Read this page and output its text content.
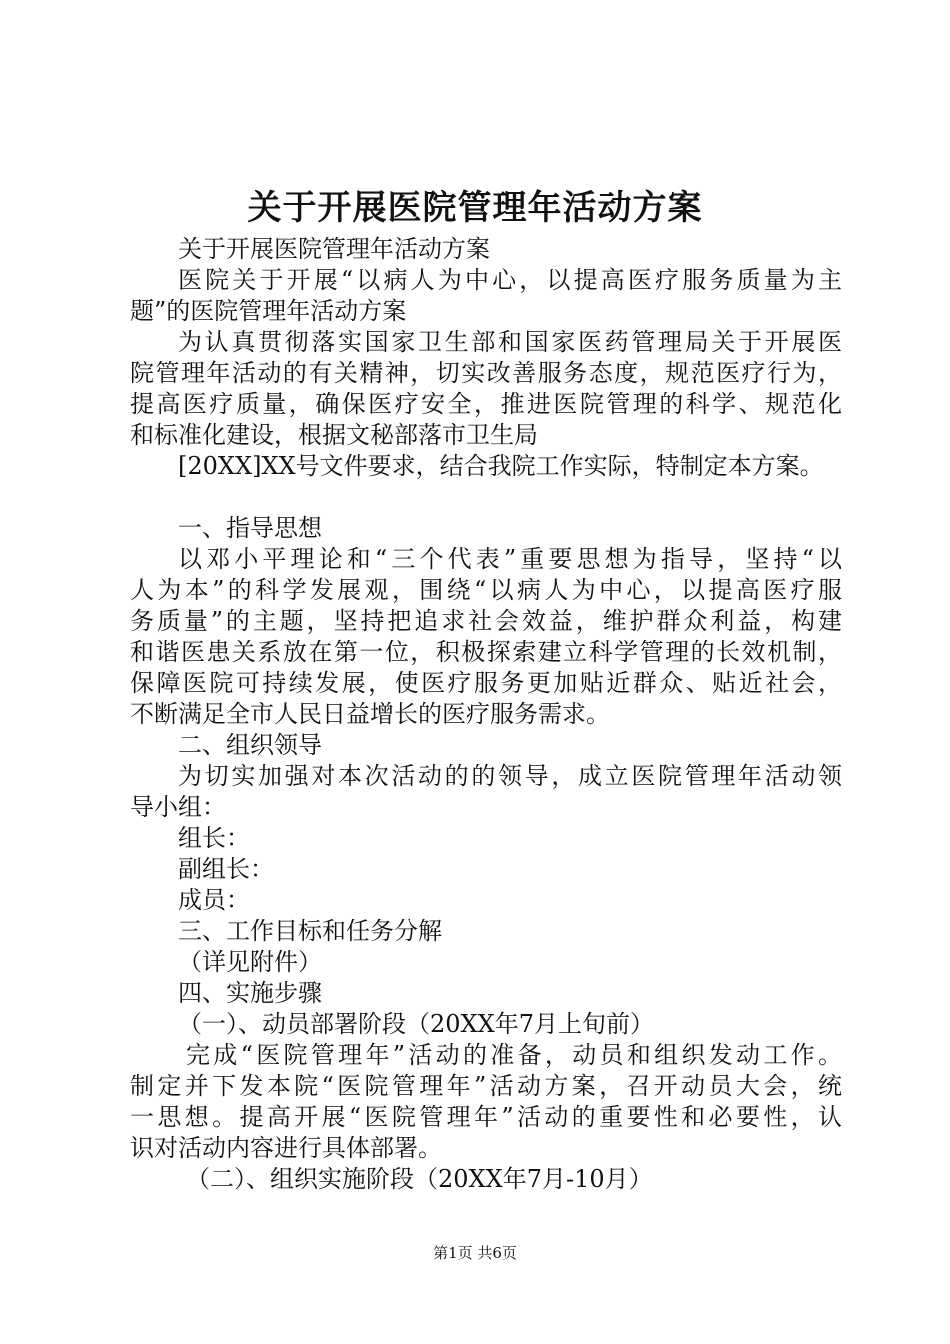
关于开展医院管理年活动方案
关于开展医院管理年活动方案
医院关于开展“以病人为中心，以提高医疗服务质量为主
题”的医院管理年活动方案
为认真贯彻落实国家卫生部和国家医药管理局关于开展医
院管理年活动的有关精神，切实改善服务态度，规范医疗行为，
提高医疗质量，确保医疗安全，推进医院管理的科学、规范化
和标准化建设，根据文秘部落市卫生局
[20XX]XX号文件要求，结合我院工作实际，特制定本方案。
一、指导思想
以邓小平理论和“三个代表”重要思想为指导，坚持“以
人为本”的科学发展观，围绕“以病人为中心，以提高医疗服
务质量”的主题，坚持把追求社会效益，维护群众利益，构建
和谐医患关系放在第一位，积极探索建立科学管理的长效机制，
保障医院可持续发展，使医疗服务更加贴近群众、贴近社会，
不断满足全市人民日益增长的医疗服务需求。
二、组织领导
为切实加强对本次活动的的领导，成立医院管理年活动领
导小组：
组长：
副组长：
成员：
三、工作目标和任务分解
（详见附件）
四、实施步骤
（一）、动员部署阶段（20XX年7月上旬前）
完成“医院管理年”活动的准备，动员和组织发动工作。
制定并下发本院“医院管理年”活动方案，召开动员大会，统
一思想。提高开展“医院管理年”活动的重要性和必要性，认
识对活动内容进行具体部署。
（二）、组织实施阶段（20XX年7月-10月）
第1页 共6页
